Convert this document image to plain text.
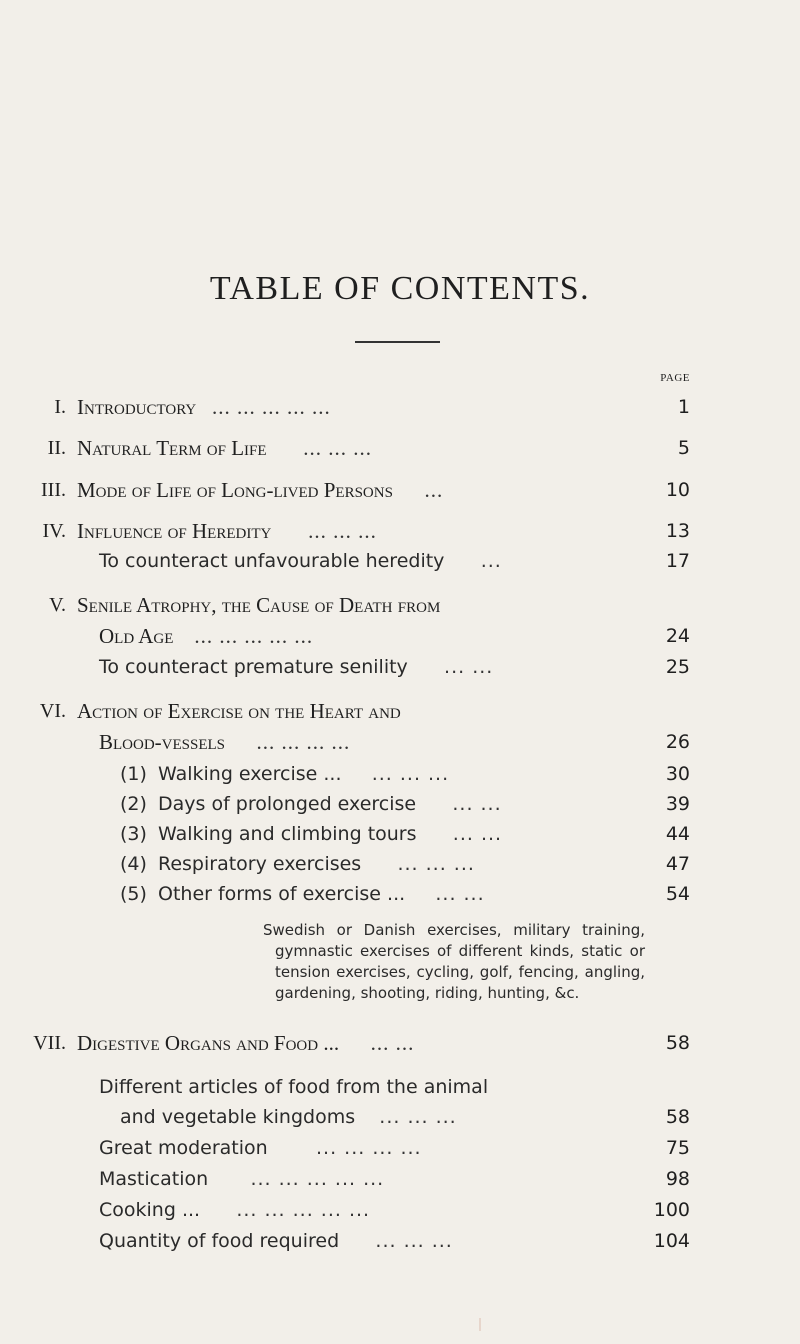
TABLE OF CONTENTS.
PAGE
I. Introductory ... ... ... ... ...	1
II. Natural Term of Life ... ... ...	5
III. Mode of Life of Long-lived Persons ...	10
IV. Influence of Heredity ... ... ...	13
To counteract unfavourable heredity ...	17
V. Senile Atrophy, the Cause of Death from
Old Age ... ... ... ... ...	24
To counteract premature senility ... ...	25
VI. Action of Exercise on the Heart and
Blood-vessels ... ... ... ...	26
(1) Walking exercise ... ... ... ...	30
(2) Days of prolonged exercise ... ...	39
(3) Walking and climbing tours ... ...	44
(4) Respiratory exercises ... ... ...	47
(5) Other forms of exercise ... ... ...	54

Swedish or Danish exercises, military training, gymnastic exercises of different kinds, static or tension exercises, cycling, golf, fencing, angling, gardening, shooting, riding, hunting, &c.

VII. Digestive Organs and Food ... ... ...	58
Different articles of food from the animal
and vegetable kingdoms ... ... ...	58
Great moderation	... ... ... ...	75
Mastication ... ... ... ... ...	98
Cooking ... ... ... ... ... ...	100
Quantity of food required ... ... ...	104
